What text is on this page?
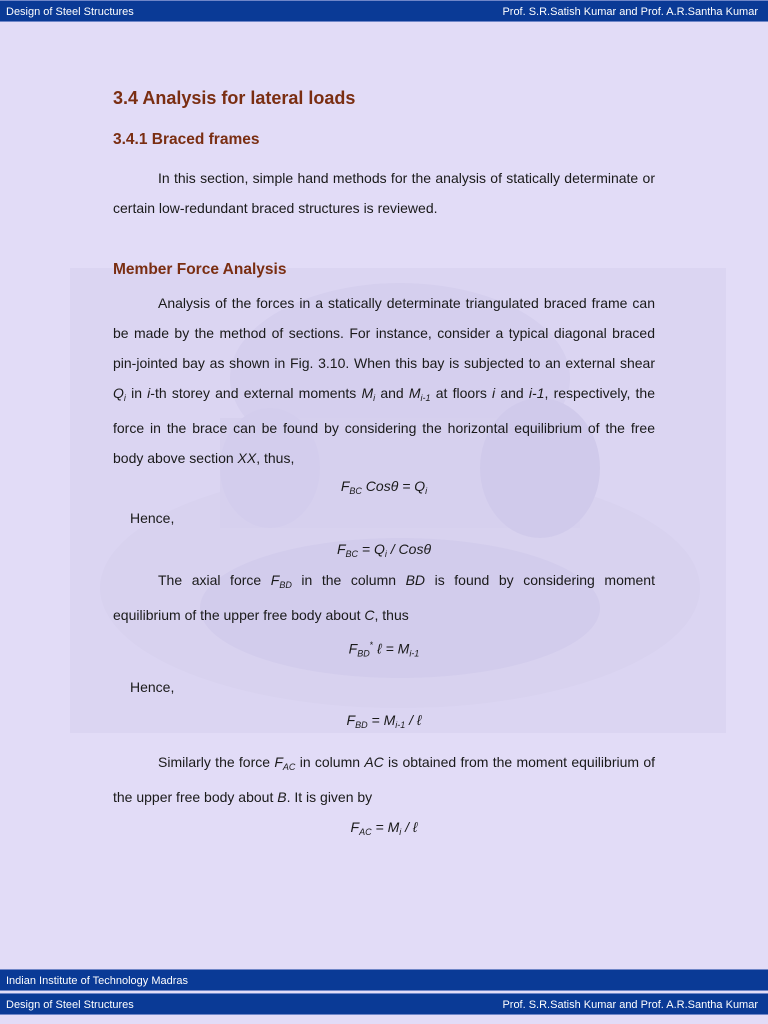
Design of Steel Structures	Prof. S.R.Satish Kumar and Prof. A.R.Santha Kumar
3.4 Analysis for lateral loads
3.4.1 Braced frames
In this section, simple hand methods for the analysis of statically determinate or certain low-redundant braced structures is reviewed.
Member Force Analysis
Analysis of the forces in a statically determinate triangulated braced frame can be made by the method of sections. For instance, consider a typical diagonal braced pin-jointed bay as shown in Fig. 3.10. When this bay is subjected to an external shear $Q_i$ in i-th storey and external moments $M_i$ and $M_{i-1}$ at floors i and i-1, respectively, the force in the brace can be found by considering the horizontal equilibrium of the free body above section XX, thus,
$F_{BC}$ $Cos\theta = Q_i$
Hence,
$F_{BC} = Q_i / Cos\theta$
The axial force $F_{BD}$ in the column BD is found by considering moment equilibrium of the upper free body about C, thus
$F_{BD}^*$ ℓ = $M_{i-1}$
Hence,
$F_{BD} = M_{i-1}$ / ℓ
Similarly the force $F_{AC}$ in column AC is obtained from the moment equilibrium of the upper free body about B. It is given by
$F_{AC} = M_i$ / ℓ
Indian Institute of Technology Madras
Design of Steel Structures	Prof. S.R.Satish Kumar and Prof. A.R.Santha Kumar
